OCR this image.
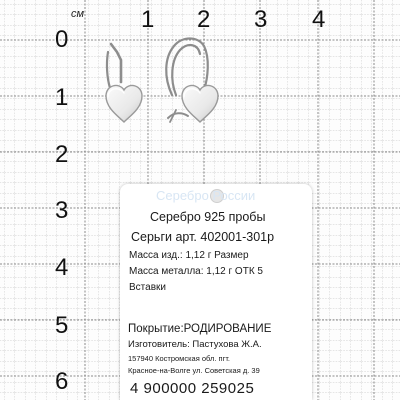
см 1 2 3 4
0
1
2
3
4
5
6
Серебро России
Серебро 925 пробы
Серьги арт. 402001-301р
Масса изд.: 1,12 г Размер
Масса металла: 1,12 г ОТК 5
Вставки
Покрытие:РОДИРОВАНИЕ
Изготовитель: Пастухова Ж.А.
157940 Костромская обл. пгт.
Красное-на-Волге ул. Советская д. 39
4 900000 259025
